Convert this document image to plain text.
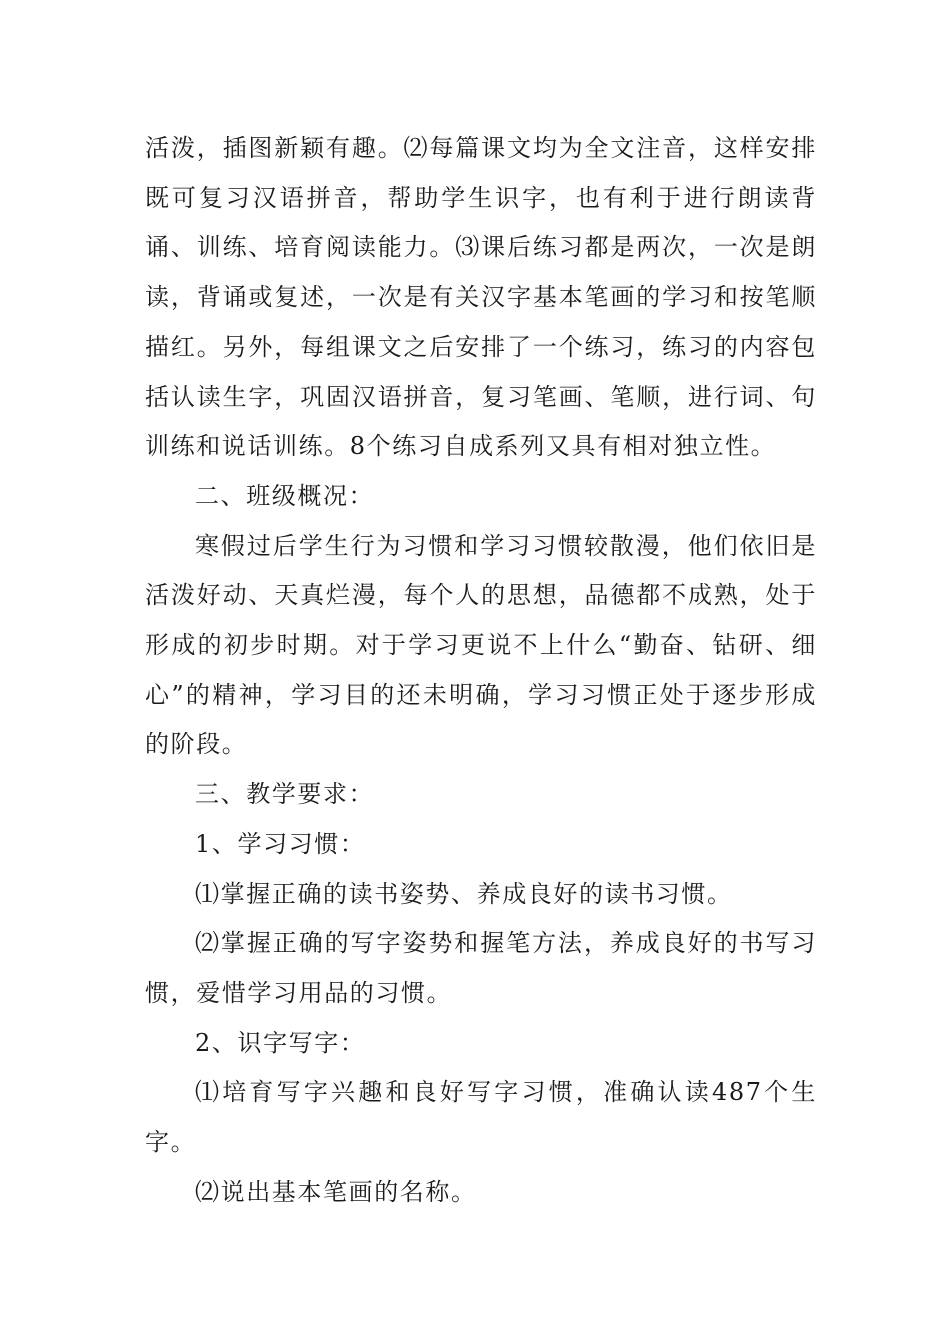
活泼，插图新颖有趣。⑵每篇课文均为全文注音，这样安排既可复习汉语拼音，帮助学生识字，也有利于进行朗读背诵、训练、培育阅读能力。⑶课后练习都是两次，一次是朗读，背诵或复述，一次是有关汉字基本笔画的学习和按笔顺描红。另外，每组课文之后安排了一个练习，练习的内容包括认读生字，巩固汉语拼音，复习笔画、笔顺，进行词、句训练和说话训练。8个练习自成系列又具有相对独立性。

二、班级概况：

寒假过后学生行为习惯和学习习惯较散漫，他们依旧是活泼好动、天真烂漫，每个人的思想，品德都不成熟，处于形成的初步时期。对于学习更说不上什么“勤奋、钻研、细心”的精神，学习目的还未明确，学习习惯正处于逐步形成的阶段。

三、教学要求：

1、学习习惯：

⑴掌握正确的读书姿势、养成良好的读书习惯。

⑵掌握正确的写字姿势和握笔方法，养成良好的书写习惯，爱惜学习用品的习惯。

2、识字写字：

⑴培育写字兴趣和良好写字习惯，准确认读487个生字。

⑵说出基本笔画的名称。
